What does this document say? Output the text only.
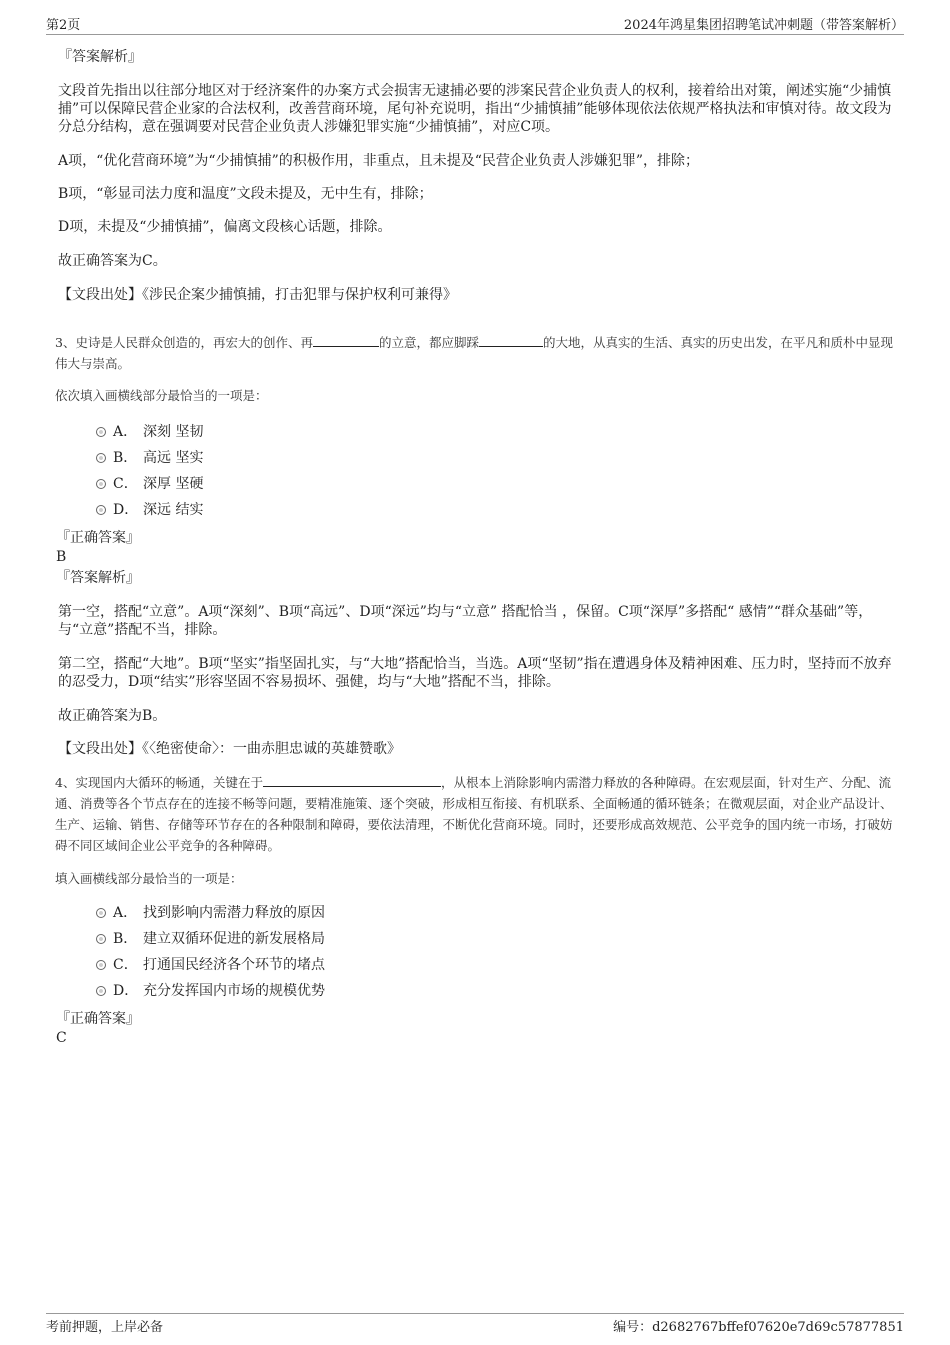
第2页	2024年鸿星集团招聘笔试冲刺题（带答案解析）

『答案解析』

文段首先指出以往部分地区对于经济案件的办案方式会损害无逮捕必要的涉案民营企业负责人的权利，接着给出对策，阐述实施“少捕慎捕”可以保障民营企业家的合法权利，改善营商环境，尾句补充说明，指出“少捕慎捕”能够体现依法依规严格执法和审慎对待。故文段为分总分结构，意在强调要对民营企业负责人涉嫌犯罪实施“少捕慎捕”，对应C项。

A项，“优化营商环境”为“少捕慎捕”的积极作用，非重点，且未提及“民营企业负责人涉嫌犯罪”，排除；

B项，“彰显司法力度和温度”文段未提及，无中生有，排除；

D项，未提及“少捕慎捕”，偏离文段核心话题，排除。

故正确答案为C。

【文段出处】《涉民企案少捕慎捕，打击犯罪与保护权利可兼得》

3、史诗是人民群众创造的，再宏大的创作、再	的立意，都应脚踩	的大地，从真实的生活、真实的历史出发，在平凡和质朴中显现伟大与崇高。

依次填入画横线部分最恰当的一项是：

A． 深刻 坚韧
B． 高远 坚实
C． 深厚 坚硬
D． 深远 结实

『正确答案』

B

『答案解析』

第一空，搭配“立意”。A项“深刻”、B项“高远”、D项“深远”均与“立意” 搭配恰当 ，保留。C项“深厚”多搭配“ 感情”“群众基础”等，与“立意”搭配不当，排除。

第二空，搭配“大地”。B项“坚实”指坚固扎实，与“大地”搭配恰当，当选。A项“坚韧”指在遭遇身体及精神困难、压力时，坚持而不放弃的忍受力，D项“结实”形容坚固不容易损坏、强健，均与“大地”搭配不当，排除。

故正确答案为B。

【文段出处】《〈绝密使命〉：一曲赤胆忠诚的英雄赞歌》

4、实现国内大循环的畅通，关键在于	，从根本上消除影响内需潜力释放的各种障碍。在宏观层面，针对生产、分配、流通、消费等各个节点存在的连接不畅等问题，要精准施策、逐个突破，形成相互衔接、有机联系、全面畅通的循环链条；在微观层面，对企业产品设计、生产、运输、销售、存储等环节存在的各种限制和障碍，要依法清理，不断优化营商环境。同时，还要形成高效规范、公平竞争的国内统一市场，打破妨碍不同区域间企业公平竞争的各种障碍。

填入画横线部分最恰当的一项是：

A． 找到影响内需潜力释放的原因
B． 建立双循环促进的新发展格局
C． 打通国民经济各个环节的堵点
D． 充分发挥国内市场的规模优势

『正确答案』

C

考前押题，上岸必备	编号：d2682767bffef07620e7d69c57877851
